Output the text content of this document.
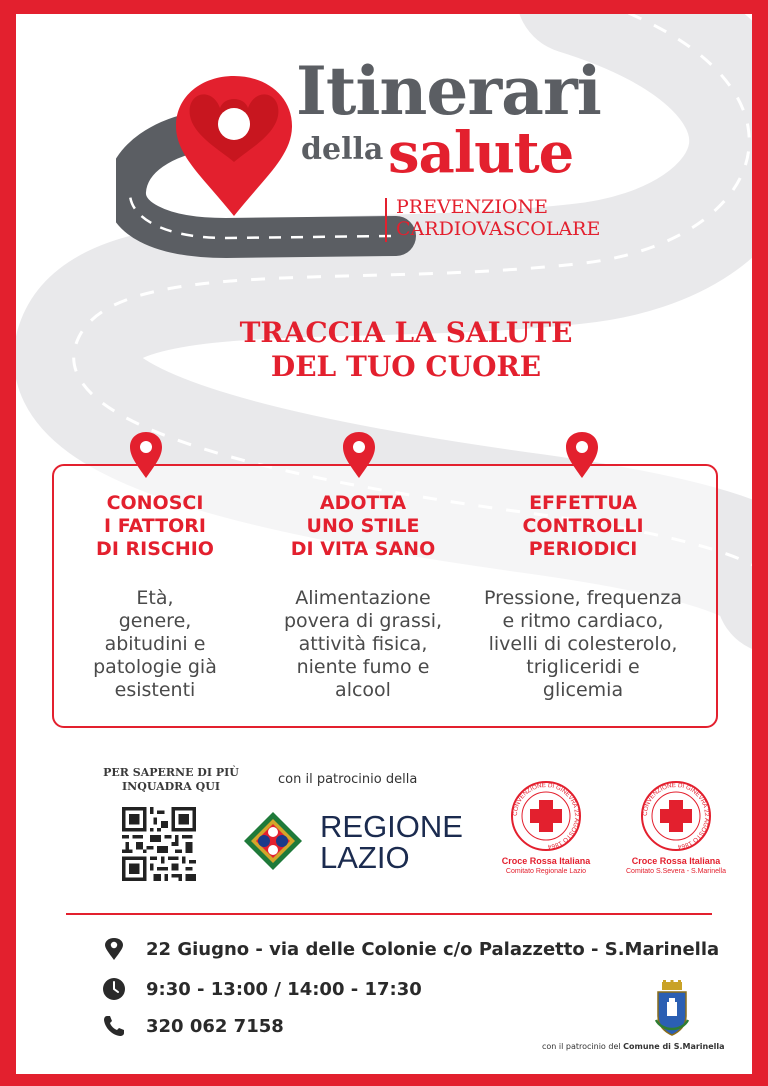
Itinerari
della salute
PREVENZIONE
CARDIOVASCOLARE
TRACCIA LA SALUTE
DEL TUO CUORE
CONOSCI
I FATTORI
DI RISCHIO
Età,
genere,
abitudini e
patologie già
esistenti
ADOTTA
UNO STILE
DI VITA SANO
Alimentazione
povera di grassi,
attività fisica,
niente fumo e
alcool
EFFETTUA
CONTROLLI
PERIODICI
Pressione, frequenza
e ritmo cardiaco,
livelli di colesterolo,
trigliceridi e
glicemia
PER SAPERNE DI PIÙ
INQUADRA QUI	con il patrocinio della
REGIONE
LAZIO
CONVENZIONE DI GINEVRA 22 AGOSTO 1864
Croce Rossa Italiana
Comitato Regionale Lazio
CONVENZIONE DI GINEVRA 22 AGOSTO 1864
Croce Rossa Italiana
Comitato S.Severa - S.Marinella
22 Giugno - via delle Colonie c/o Palazzetto - S.Marinella
9:30 - 13:00 / 14:00 - 17:30
320 062 7158
con il patrocinio del Comune di S.Marinella
